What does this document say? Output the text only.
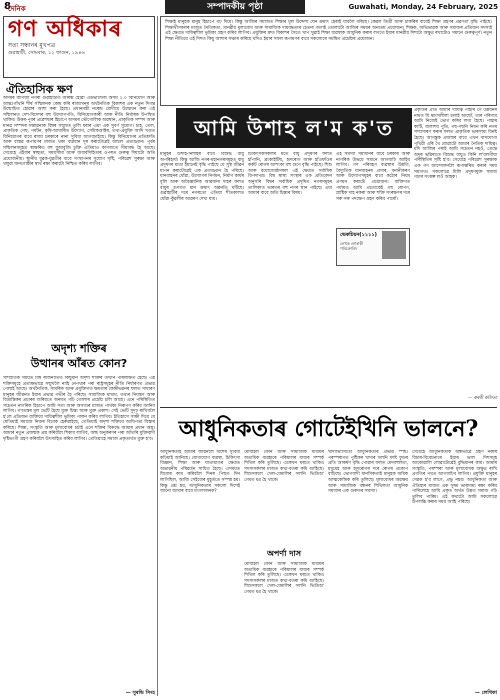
8	সম্পাদকীয় পৃষ্ঠা	Guwahati, Monday, 24 February, 2025
দৈনিক
গণ অধিকাৰ
সত্য সন্ধানৰ মুখপত্ৰ
গুৱাহাটী, সোমবাৰ, ১২ ফাগুন, ১৯৪৬
ঐতিহাসিক ক্ষণ
অসমৰ বাণিজ্য নগৰী গুৱাহাটীত আৰম্ভ হোৱা এডভান্টেজ অসম ২.০ বিনিয়োগ আৰু আন্তঃগাঁথনি শীৰ্ষ সন্মিলনক কেন্দ্ৰ কৰি ৰাজ্যখনৰ অৰ্থনৈতিক বিকাশৰ এক নতুন দিগন্ত উন্মোচিত হোৱাৰ আশা কৰা হৈছে। প্ৰধানমন্ত্ৰী নৰেন্দ্ৰ মোদীয়ে উদ্বোধন কৰা এই সন্মিলনত দেশ-বিদেশৰ বহু উদ্যোগপতি, বিনিয়োগকাৰী আৰু নীতি নিৰ্ধাৰক উপস্থিত থাকিব। উত্তৰ-পূবৰ প্ৰৱেশদ্বাৰ হিচাপে অসমৰ ভৌগোলিক অৱস্থান, প্ৰাকৃতিক সম্পদ আৰু মানৱ সম্পদৰ সম্ভাৱনাক বিশ্বৰ সন্মুখত তুলি ধৰাৰ এয়া এক সুবৰ্ণ সুযোগ। চাহ, তেল, প্ৰাকৃতিক গেছ, পৰ্যটন, কৃষি-আধাৰিত উদ্যোগ, সেমিকণ্ডাক্টৰ, তথ্য-প্ৰযুক্তি আদি খণ্ডত বিনিয়োগৰ বাবে ৰাজ্য চৰকাৰে নানা সুবিধা আগবঢ়াইছে। কিন্তু বিনিয়োগৰ প্ৰতিশ্ৰুতি আৰু বাস্তৱ ৰূপায়ণৰ মাজত থকা ব্যৱধান দূৰ কৰাটোৱেই আচল প্ৰত্যাহ্বান। পূৰ্বৰ সন্মিলনসমূহত স্বাক্ষৰিত বহু বুজাবুজি চুক্তি এতিয়াও কাগজতে সীমাবদ্ধ হৈ আছে। সেয়েহে এইবাৰ স্বচ্ছতা, সময়সীমা আৰু জবাবদিহিতাৰ ওপৰত গুৰুত্ব দিয়াটো অতি প্ৰয়োজনীয়। স্থানীয় যুৱক-যুৱতীৰ বাবে সংস্থাপনৰ সুযোগ সৃষ্টি, পৰিৱেশ সুৰক্ষা আৰু থলুৱা জনগোষ্ঠীৰ স্বাৰ্থ ৰক্ষা কৰাটো নিশ্চিত কৰিব লাগিব।
অদৃশ্য শক্তিৰ
উত্থানৰ আঁৰত কোন?
সাম্প্ৰতিক সময়ত বিশ্ব ৰাজনীতিত কিছুমান অদৃশ্য শক্তিৰ উত্থান পৰিলক্ষিত হৈছে। এই শক্তিসমূহে প্ৰত্যক্ষভাৱে সন্মুখলৈ নাহি নেপথ্যৰ পৰা ৰাষ্ট্ৰসমূহৰ নীতি নিৰ্ধাৰণত প্ৰভাৱ পেলাই আছে। অৰ্থনৈতিক, সামৰিক আৰু প্ৰযুক্তিগত ক্ষমতাৰ কেন্দ্ৰীভৱনৰ ফলত সাধাৰণ মানুহৰ জীৱনত ইয়াৰ প্ৰভাৱ গভীৰ হৈ পৰিছে। সামাজিক মাধ্যম, তথ্যৰ নিয়ন্ত্ৰণ আৰু বিভ্ৰান্তিকৰ প্ৰচাৰৰ জৰিয়তে জনমত গঢ়ি তোলাৰ প্ৰচেষ্টা চলি আছে। এনে পৰিস্থিতিত সচেতন নাগৰিক হিচাপে আমি সত্য আৰু অসত্যৰ মাজত পাৰ্থক্য নিৰূপণ কৰিব জানিব লাগিব। গণতন্ত্ৰৰ মূল ভেটি হৈছে মুক্ত চিন্তা আৰু মুক্ত প্ৰকাশ। সেই ভেটি সুদৃঢ় ৰাখিবলৈ হ'লে প্ৰতিজন ব্যক্তিয়ে দায়িত্বশীল ভূমিকা পালন কৰিব লাগিব। ইতিহাসে সাক্ষী দিয়ে যে যেতিয়াই সমাজে নিজৰ বিবেক হেৰুৱাইছে, তেতিয়াই অদৃশ্য শক্তিয়ে আধিপত্য বিস্তাৰ কৰিছে। শিক্ষা, সংস্কৃতি আৰু মূল্যবোধৰ চৰ্চাই এনে শক্তিৰ বিৰুদ্ধে আমাৰ প্ৰধান অস্ত্ৰ। আমাৰ নতুন প্ৰজন্মক প্ৰশ্ন কৰিবলৈ শিকাব লাগিব, অন্ধ অনুকৰণৰ পৰা আঁতৰি যুক্তিবাদী দৃষ্টিভংগী গ্ৰহণ কৰিবলৈ উৎসাহিত কৰিব লাগিব। তেতিয়াহে সমাজ প্ৰকৃতাৰ্থত মুক্ত হ'ব।
— সুৰভি সিংহ
শিক্ষাই মানুহক মানুহ হিচাপে গঢ় দিয়ে। কিন্তু আজিৰ সমাজত শিক্ষাৰ মূল উদ্দেশ্য যেন ক্ৰমাৎ হেৰাই যাবলৈ ধৰিছে। কেৱল ডিগ্ৰী আৰু চাকৰিৰ বাবেই শিক্ষা গ্ৰহণৰ প্ৰৱণতা বৃদ্ধি পাইছে। শিক্ষাৰ্থীসকলৰ মাজত নৈতিকতা, মানৱীয় মূল্যবোধ আৰু সামাজিক দায়বদ্ধতাৰ চেতনা জগাই তোলাটো আজিৰ সময়ৰ অন্যতম প্ৰয়োজন। শিক্ষক, অভিভাৱক আৰু সমাজৰ প্ৰতিজন সদস্যই এই ক্ষেত্ৰত দায়িত্বশীল ভূমিকা গ্ৰহণ কৰিব লাগিব। প্ৰযুক্তিৰ দ্ৰুত বিকাশৰ সৈতে খাপ খুৱাই শিক্ষা ব্যৱস্থাক আধুনিক কৰাৰ লগতে ইয়াৰ মানৱীয় দিশটো অক্ষুণ্ণ ৰখাটোও সমানে গুৰুত্বপূৰ্ণ। নতুন শিক্ষা নীতিয়ে এই দিশত কিছু আশাৰ সঞ্চাৰ কৰিছে যদিও ইয়াৰ সফল ৰূপায়ণৰ বাবে সকলোৰে সমন্বিত প্ৰচেষ্টাৰ প্ৰয়োজন।
আমি উশাহ ল'ম ক'ত
মানুহৰ উশাহ-নিশাহৰ বাবে বিশুদ্ধ বায়ু অপৰিহাৰ্য। কিন্তু আজি নগৰ-মহানগৰসমূহত বায়ু প্ৰদূষণৰ মাত্ৰা ইমানেই বৃদ্ধি পাইছে যে সুস্থ জীৱন যাপন কৰাটোৱেই এক প্ৰত্যাহ্বান হৈ পৰিছে। যানবাহনৰ ধোঁৱা, উদ্যোগৰ নিৰ্গমন, নিৰ্মাণ কাৰ্যৰ ধূলি আৰু অবৈজ্ঞানিক আৱৰ্জনা দাহৰ ফলত বায়ুৰ গুণগত মান ক্ৰমাৎ অৱনতি ঘটিছে। গুৱাহাটীৰ দৰে নগৰতো এতিয়া শীতকালত ধোঁৱা-কুঁৱলীৰ আৱৰণ দেখা যায়।
চিকিৎসকসকলৰ মতে বায়ু প্ৰদূষণৰ ফলত হাঁপানি, ব্ৰংকাইটিছ, হৃদৰোগ আৰু হাঁওফাঁওৰ কৰ্কট ৰোগৰ আশংকা বহু গুণে বৃদ্ধি পাইছে। শিশু আৰু বয়োজ্যেষ্ঠসকল এই ক্ষেত্ৰত সৰ্বাধিক বিপদাপন্ন। বিশ্ব স্বাস্থ্য সংস্থাৰ এক প্ৰতিবেদন অনুসৰি বিশ্বৰ সৰ্বাধিক প্ৰদূষিত নগৰসমূহৰ তালিকাত ভাৰতৰ বহু নগৰ স্থান পাইছে। এয়া আমাৰ বাবে অতি চিন্তাৰ বিষয়।
এই সমস্যা সমাধানৰ বাবে চৰকাৰ আৰু নাগৰিক উভয়ে সমানে আগবাঢ়ি আহিব লাগিব। গণ পৰিবহণ ব্যৱস্থাৰ উন্নতি, বৈদ্যুতিক যানবাহনৰ প্ৰসাৰ, বনানীকৰণ আৰু উদ্যোগসমূহৰ বাবে কঠোৰ নিয়ম প্ৰণয়ন কৰাটো প্ৰয়োজন। ব্যক্তিগত পৰ্যায়ত আমি প্ৰত্যেকেই গছ ৰোপণ, প্লাষ্টিক দাহ নকৰা আৰু শক্তি সংৰক্ষণৰ দৰে সৰু সৰু পদক্ষেপ গ্ৰহণ কৰিব পাৰোঁ।
প্ৰকৃতিৰ প্ৰতি আমাৰ দায়িত্ব পাহৰি গৈ উন্নয়নৰ নামত যি ধ্বংসলীলা চলাই আছোঁ, তাৰ পৰিণাম আমি নিজেই ভোগ কৰিব লগা হৈছে। পাহাৰ কাটি, জলাশয় পুতি, গছ-গছনি নিধন কৰি নগৰ সম্প্ৰসাৰণ কৰাৰ ফলত প্ৰাকৃতিক ভাৰসাম্য বিনষ্ট হৈছে। আগন্তুক প্ৰজন্মৰ বাবে এখন বাসযোগ্য পৃথিৱী এৰি থৈ যোৱাটো আমাৰ নৈতিক দায়িত্ব। যদি আজিৰ পৰাই আমি সচেতন নহওঁ, তেন্তে অদূৰ ভৱিষ্যতে বিশুদ্ধ বায়ুও কিনি ল'বলগীয়া পৰিস্থিতিৰ সৃষ্টি হ'ব। সেয়েহে পৰিৱেশ সুৰক্ষাক এক গণ আন্দোলনলৈ ৰূপান্তৰিত কৰাৰ সময় সমাগত। সকলোৱে মিলি প্ৰদূষণমুক্ত সমাজ গঢ়াৰ সংকল্প লওঁ আহক।
ভেকচিয়ন(১১১১)
লেখক এগৰাকী পৰিৱেশবিদ
— কৰবী কলিতা
আধুনিকতাৰ গোটেইখিনি ভালনে?
আধুনিকতাই আমাৰ জীৱনলৈ অশেষ সুবিধা কঢ়িয়াই আনিছে। যোগাযোগ ব্যৱস্থা, চিকিৎসা বিজ্ঞান, শিক্ষা আৰু যাতায়াতৰ ক্ষেত্ৰত অভাৱনীয় পৰিৱৰ্তন সাধিত হৈছে। এসময়ত যিবোৰ কাম কৰিবলৈ দিনৰ পিছত দিন লাগিছিল, আজি সেইবোৰ মুহূৰ্ততে সম্পন্ন হয়। কিন্তু প্ৰশ্ন হয়, আধুনিকতাৰ সকলো দিশেই জানো আমাৰ বাবে মংগলজনক?
মোবাইল ফোন আৰু সামাজিক মাধ্যমৰ অত্যধিক ব্যৱহাৰে পৰিয়ালৰ মাজৰ সম্পৰ্ক শিথিল কৰি তুলিছে। একেখন ঘৰতে থাকিও সদস্যসকলৰ মাজত কথা-বতৰা কমি আহিছে। শিশুসকলে খেল-ধেমালিৰ সলনি ভিডিঅ' গেমত মগ্ন হৈ থাকে।
মোবাইল ফোন আৰু সামাজিক মাধ্যমৰ অত্যধিক ব্যৱহাৰে পৰিয়ালৰ মাজৰ সম্পৰ্ক শিথিল কৰি তুলিছে। একেখন ঘৰতে থাকিও সদস্যসকলৰ মাজত কথা-বতৰা কমি আহিছে। শিশুসকলে খেল-ধেমালিৰ সলনি ভিডিঅ' গেমত মগ্ন হৈ থাকে।
অপৰ্ণা দাস
খাদ্যাভ্যাসতো আধুনিকতাৰ প্ৰভাৱ স্পষ্ট। পৰম্পৰাগত পুষ্টিকৰ খাদ্যৰ সলনি ফাষ্ট ফুডৰ প্ৰতি আকৰ্ষণ বৃদ্ধি পোৱাৰ ফলত মেদবহুলতা, মধুমেহ আৰু হৃদৰোগৰ দৰে ৰোগৰ প্ৰকোপ বাঢ়িছে। ভোগবাদী মানসিকতাই মানুহক অধিক আত্মকেন্দ্ৰিক কৰি তুলিছে। মূল্যবোধৰ অৱক্ষয় আৰু সামাজিক বন্ধনৰ শিথিলতা আধুনিক সমাজৰ এক গুৰুতৰ সমস্যা।
সেয়েহে আধুনিকতাক অন্ধভাৱে গ্ৰহণ নকৰি বিচাৰ-বিবেচনাৰে ইয়াৰ ভাল দিশসমূহ আকোৱালি লোৱাটোৱেই বুদ্ধিমানৰ কাম। আমাৰ সংস্কৃতি, পৰম্পৰা আৰু মূল্যবোধক অক্ষুণ্ণ ৰাখি প্ৰগতিৰ পথত আগবাঢ়িব লাগিব। প্ৰযুক্তি মানুহৰ সেৱক হ'ব লাগে, প্ৰভু নহয়। আধুনিকতা আৰু ঐতিহ্যৰ মাজত এক সুষম ভাৰসাম্য ৰক্ষা কৰিব পাৰিলেহে আমি প্ৰকৃত অৰ্থত উন্নত সমাজ গঢ়ি তুলিব পাৰিম। এই কথাটো আমি সকলোৱে উপলব্ধি কৰাৰ সময় আহি পৰিছে।
— লেখিকা
